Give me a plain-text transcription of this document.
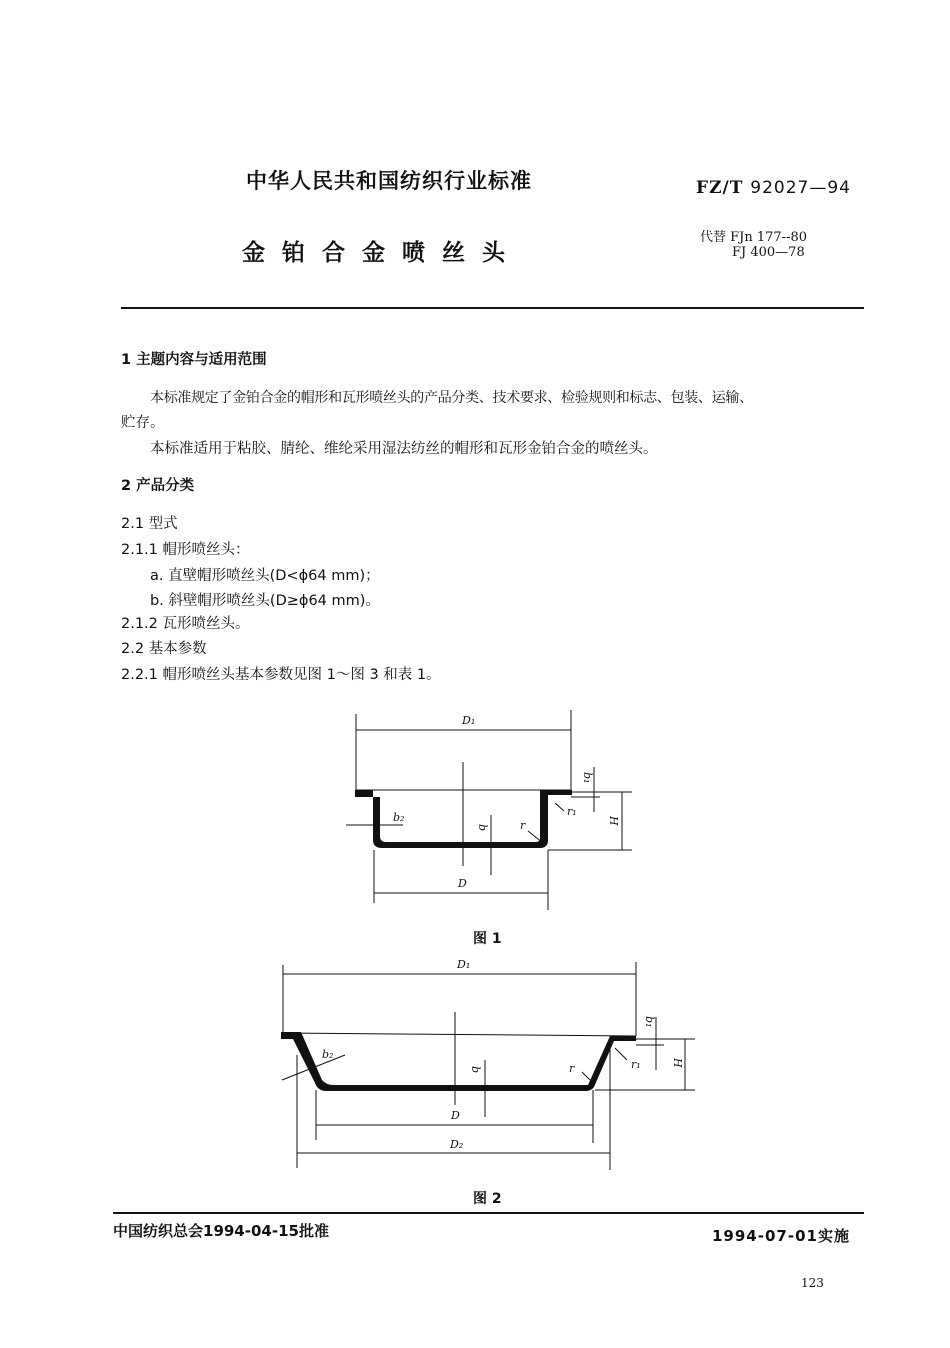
中华人民共和国纺织行业标准	FZ/T 92027—94
金铂合金喷丝头
代替 FJn 177--80
FJ 400—78
1 主题内容与适用范围
本标准规定了金铂合金的帽形和瓦形喷丝头的产品分类、技术要求、检验规则和标志、包装、运输、
贮存。
本标准适用于粘胶、腈纶、维纶采用湿法纺丝的帽形和瓦形金铂合金的喷丝头。
2 产品分类
2.1 型式
2.1.1 帽形喷丝头：
a. 直壁帽形喷丝头(D<ϕ64 mm)；
b. 斜壁帽形喷丝头(D≥ϕ64 mm)。
2.1.2 瓦形喷丝头。
2.2 基本参数
2.2.1 帽形喷丝头基本参数见图 1～图 3 和表 1。
D₁
b₂
b	r
r₁
b₁
H
D
D₁
b₂
b	r	r₁
b₁
H
D
D₂
图 1
图 2
中国纺织总会1994-04-15批准	1994-07-01实施
123
